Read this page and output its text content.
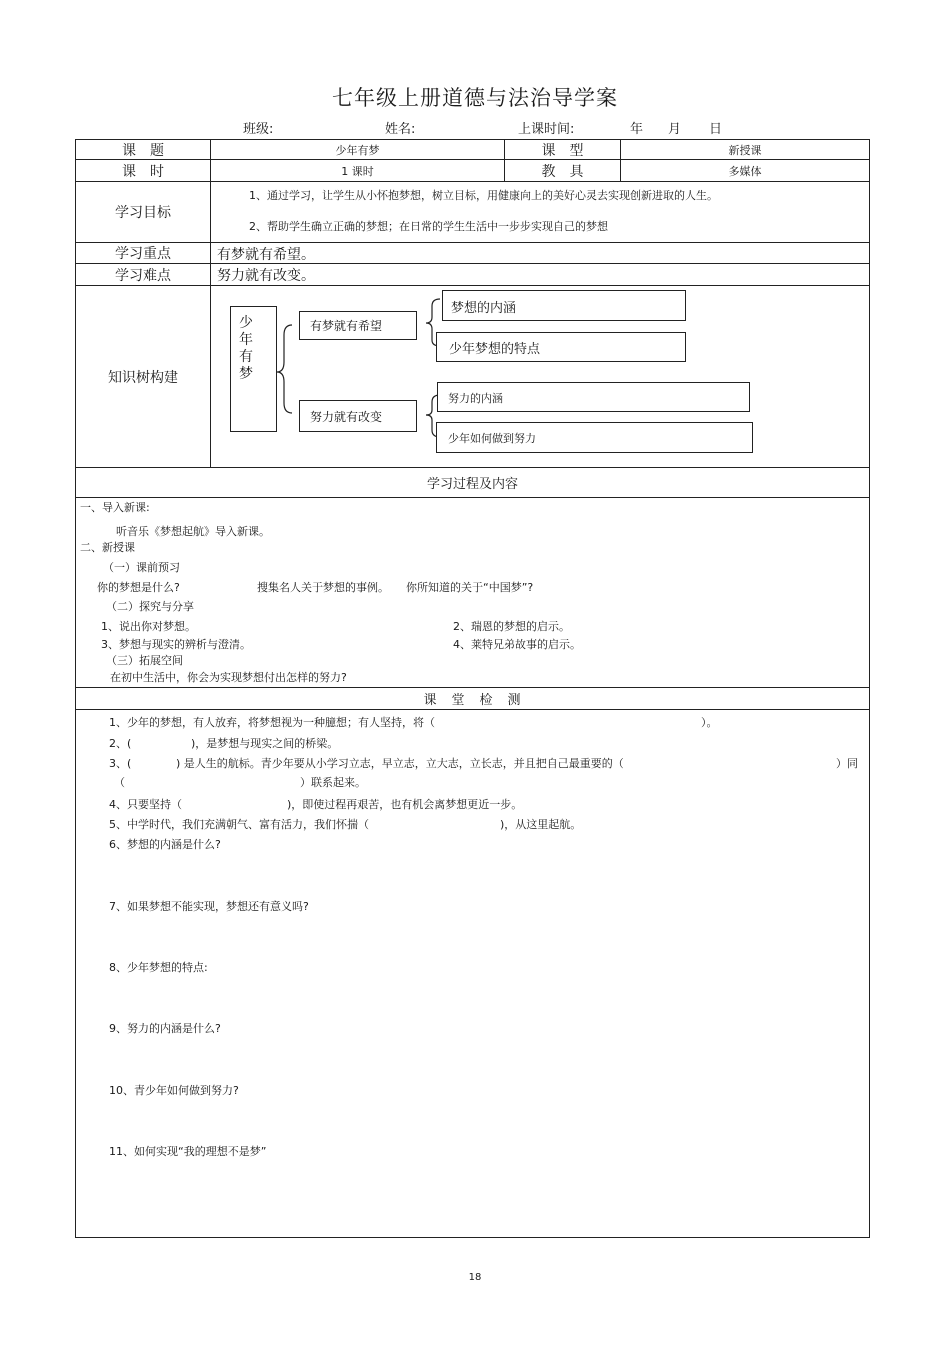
七年级上册道德与法治导学案
班级:	姓名:	上课时间:	年 月 日
课　题	少年有梦	课　型	新授课
课　时	1 课时	教　具	多媒体
学习目标
1、通过学习，让学生从小怀抱梦想，树立目标，用健康向上的美好心灵去实现创新进取的人生。
2、帮助学生确立正确的梦想；在日常的学生生活中一步步实现自己的梦想
学习重点	有梦就有希望。
学习难点	努力就有改变。
知识树构建
少年有梦
有梦就有希望
梦想的内涵
少年梦想的特点
努力就有改变
努力的内涵
少年如何做到努力
学习过程及内容
一、导入新课:
听音乐《梦想起航》导入新课。
二、新授课
（一）课前预习
你的梦想是什么?	搜集名人关于梦想的事例。 你所知道的关于“中国梦”?
（二）探究与分享
1、说出你对梦想。	2、瑞恩的梦想的启示。
3、梦想与现实的辨析与澄清。	4、莱特兄弟故事的启示。
（三）拓展空间
在初中生活中，你会为实现梦想付出怎样的努力?
课　堂　检　测
1、少年的梦想，有人放弃，将梦想视为一种臆想；有人坚持，将（	）。
2、(	)，是梦想与现实之间的桥梁。
3、(	) 是人生的航标。青少年要从小学习立志，早立志，立大志，立长志，并且把自己最重要的（	）同
（	）联系起来。
4、只要坚持（	)，即使过程再艰苦，也有机会离梦想更近一步。
5、中学时代，我们充满朝气、富有活力，我们怀揣（	)，从这里起航。
6、梦想的内涵是什么?
7、如果梦想不能实现，梦想还有意义吗?
8、少年梦想的特点:
9、努力的内涵是什么?
10、青少年如何做到努力?
11、如何实现“我的理想不是梦”
18
